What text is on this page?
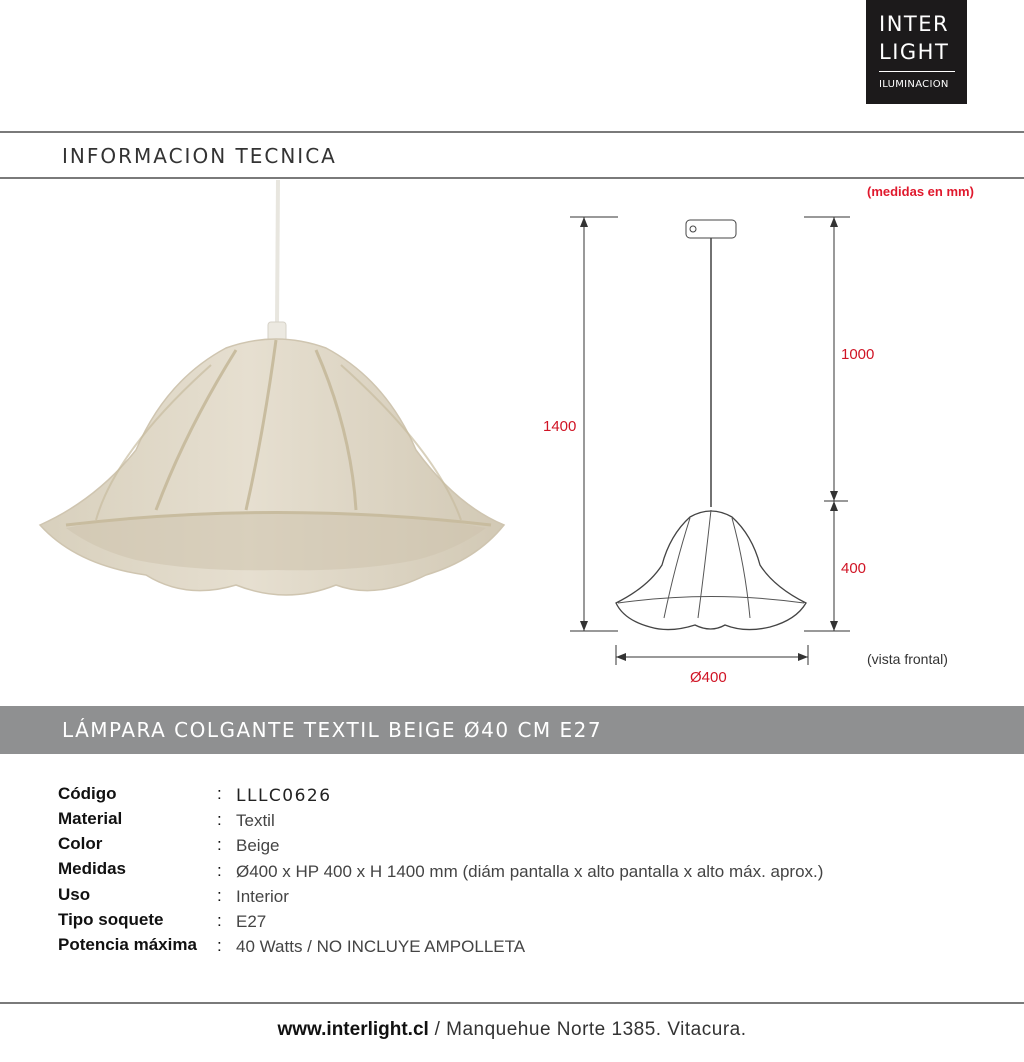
INTER
LIGHT
ILUMINACION
INFORMACION TECNICA
(medidas en mm)
1400
1000
400
Ø400
(vista frontal)
LÁMPARA COLGANTE TEXTIL BEIGE Ø40 CM E27
Código	: LLLC0626
Material	: Textil
Color	: Beige
Medidas	: Ø400 x HP 400 x H 1400 mm (diám pantalla x alto pantalla x alto máx. aprox.)
Uso	: Interior
Tipo soquete	: E27
Potencia máxima : 40 Watts / NO INCLUYE AMPOLLETA
www.interlight.cl / Manquehue Norte 1385. Vitacura.
